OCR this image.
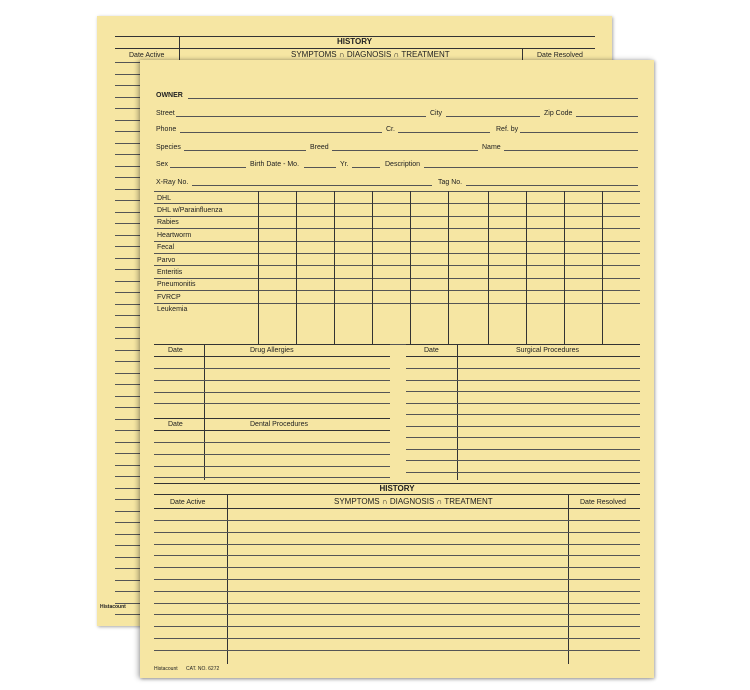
HISTORY
Date Active	SYMPTOMS ∩ DIAGNOSIS ∩ TREATMENT	Date Resolved
Histacount
OWNER
Street	City	Zip Code
Phone	Cr.	Ref. by
Species	Breed	Name
Sex	Birth Date - Mo.	Yr.	Description
X-Ray No.	Tag No.
DHL
DHL w/Parainfluenza
Rabies
Heartworm
Fecal
Parvo
Enteritis
Pneumonitis
FVRCP
Leukemia
Date	Drug Allergies
Date	Dental Procedures
Date	Surgical Procedures
HISTORY
Date Active	SYMPTOMS ∩ DIAGNOSIS ∩ TREATMENT	Date Resolved
Histacount CAT. NO. 6272
